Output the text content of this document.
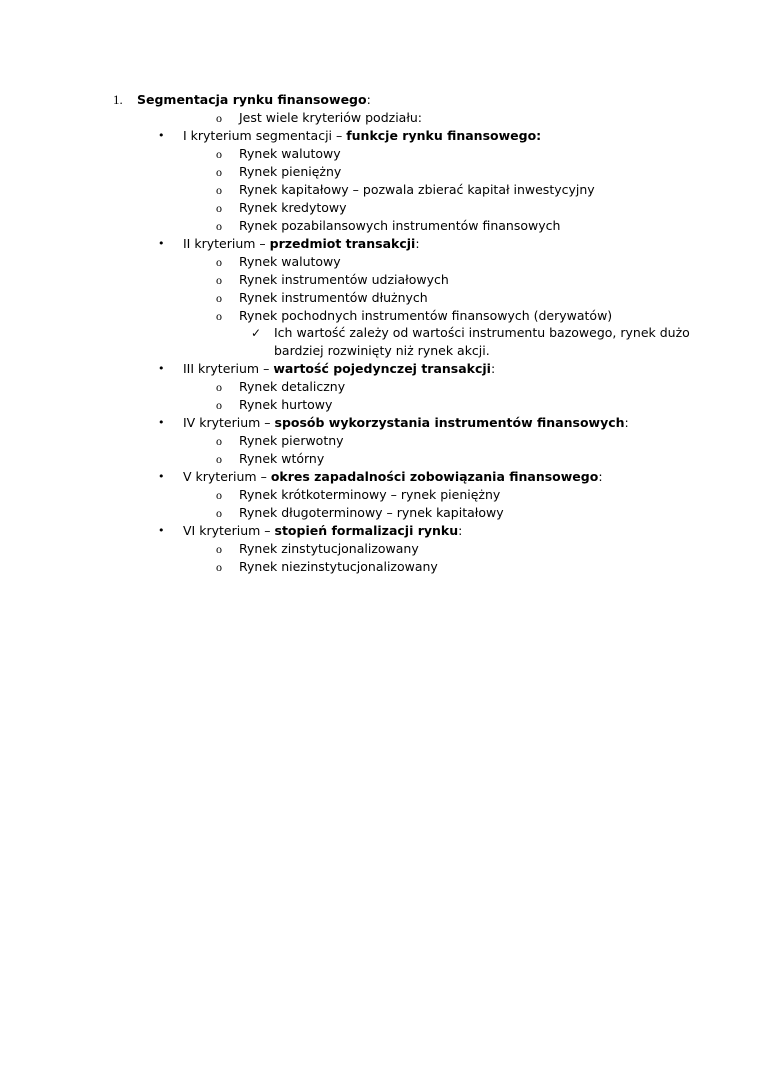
1. Segmentacja rynku finansowego:
o Jest wiele kryteriów podziału:
• I kryterium segmentacji – funkcje rynku finansowego:
o Rynek walutowy
o Rynek pieniężny
o Rynek kapitałowy – pozwala zbierać kapitał inwestycyjny
o Rynek kredytowy
o Rynek pozabilansowych instrumentów finansowych
• II kryterium – przedmiot transakcji:
o Rynek walutowy
o Rynek instrumentów udziałowych
o Rynek instrumentów dłużnych
o Rynek pochodnych instrumentów finansowych (derywatów)
✓ Ich wartość zależy od wartości instrumentu bazowego, rynek dużo
bardziej rozwinięty niż rynek akcji.
• III kryterium – wartość pojedynczej transakcji:
o Rynek detaliczny
o Rynek hurtowy
• IV kryterium – sposób wykorzystania instrumentów finansowych:
o Rynek pierwotny
o Rynek wtórny
• V kryterium – okres zapadalności zobowiązania finansowego:
o Rynek krótkoterminowy – rynek pieniężny
o Rynek długoterminowy – rynek kapitałowy
• VI kryterium – stopień formalizacji rynku:
o Rynek zinstytucjonalizowany
o Rynek niezinstytucjonalizowany
